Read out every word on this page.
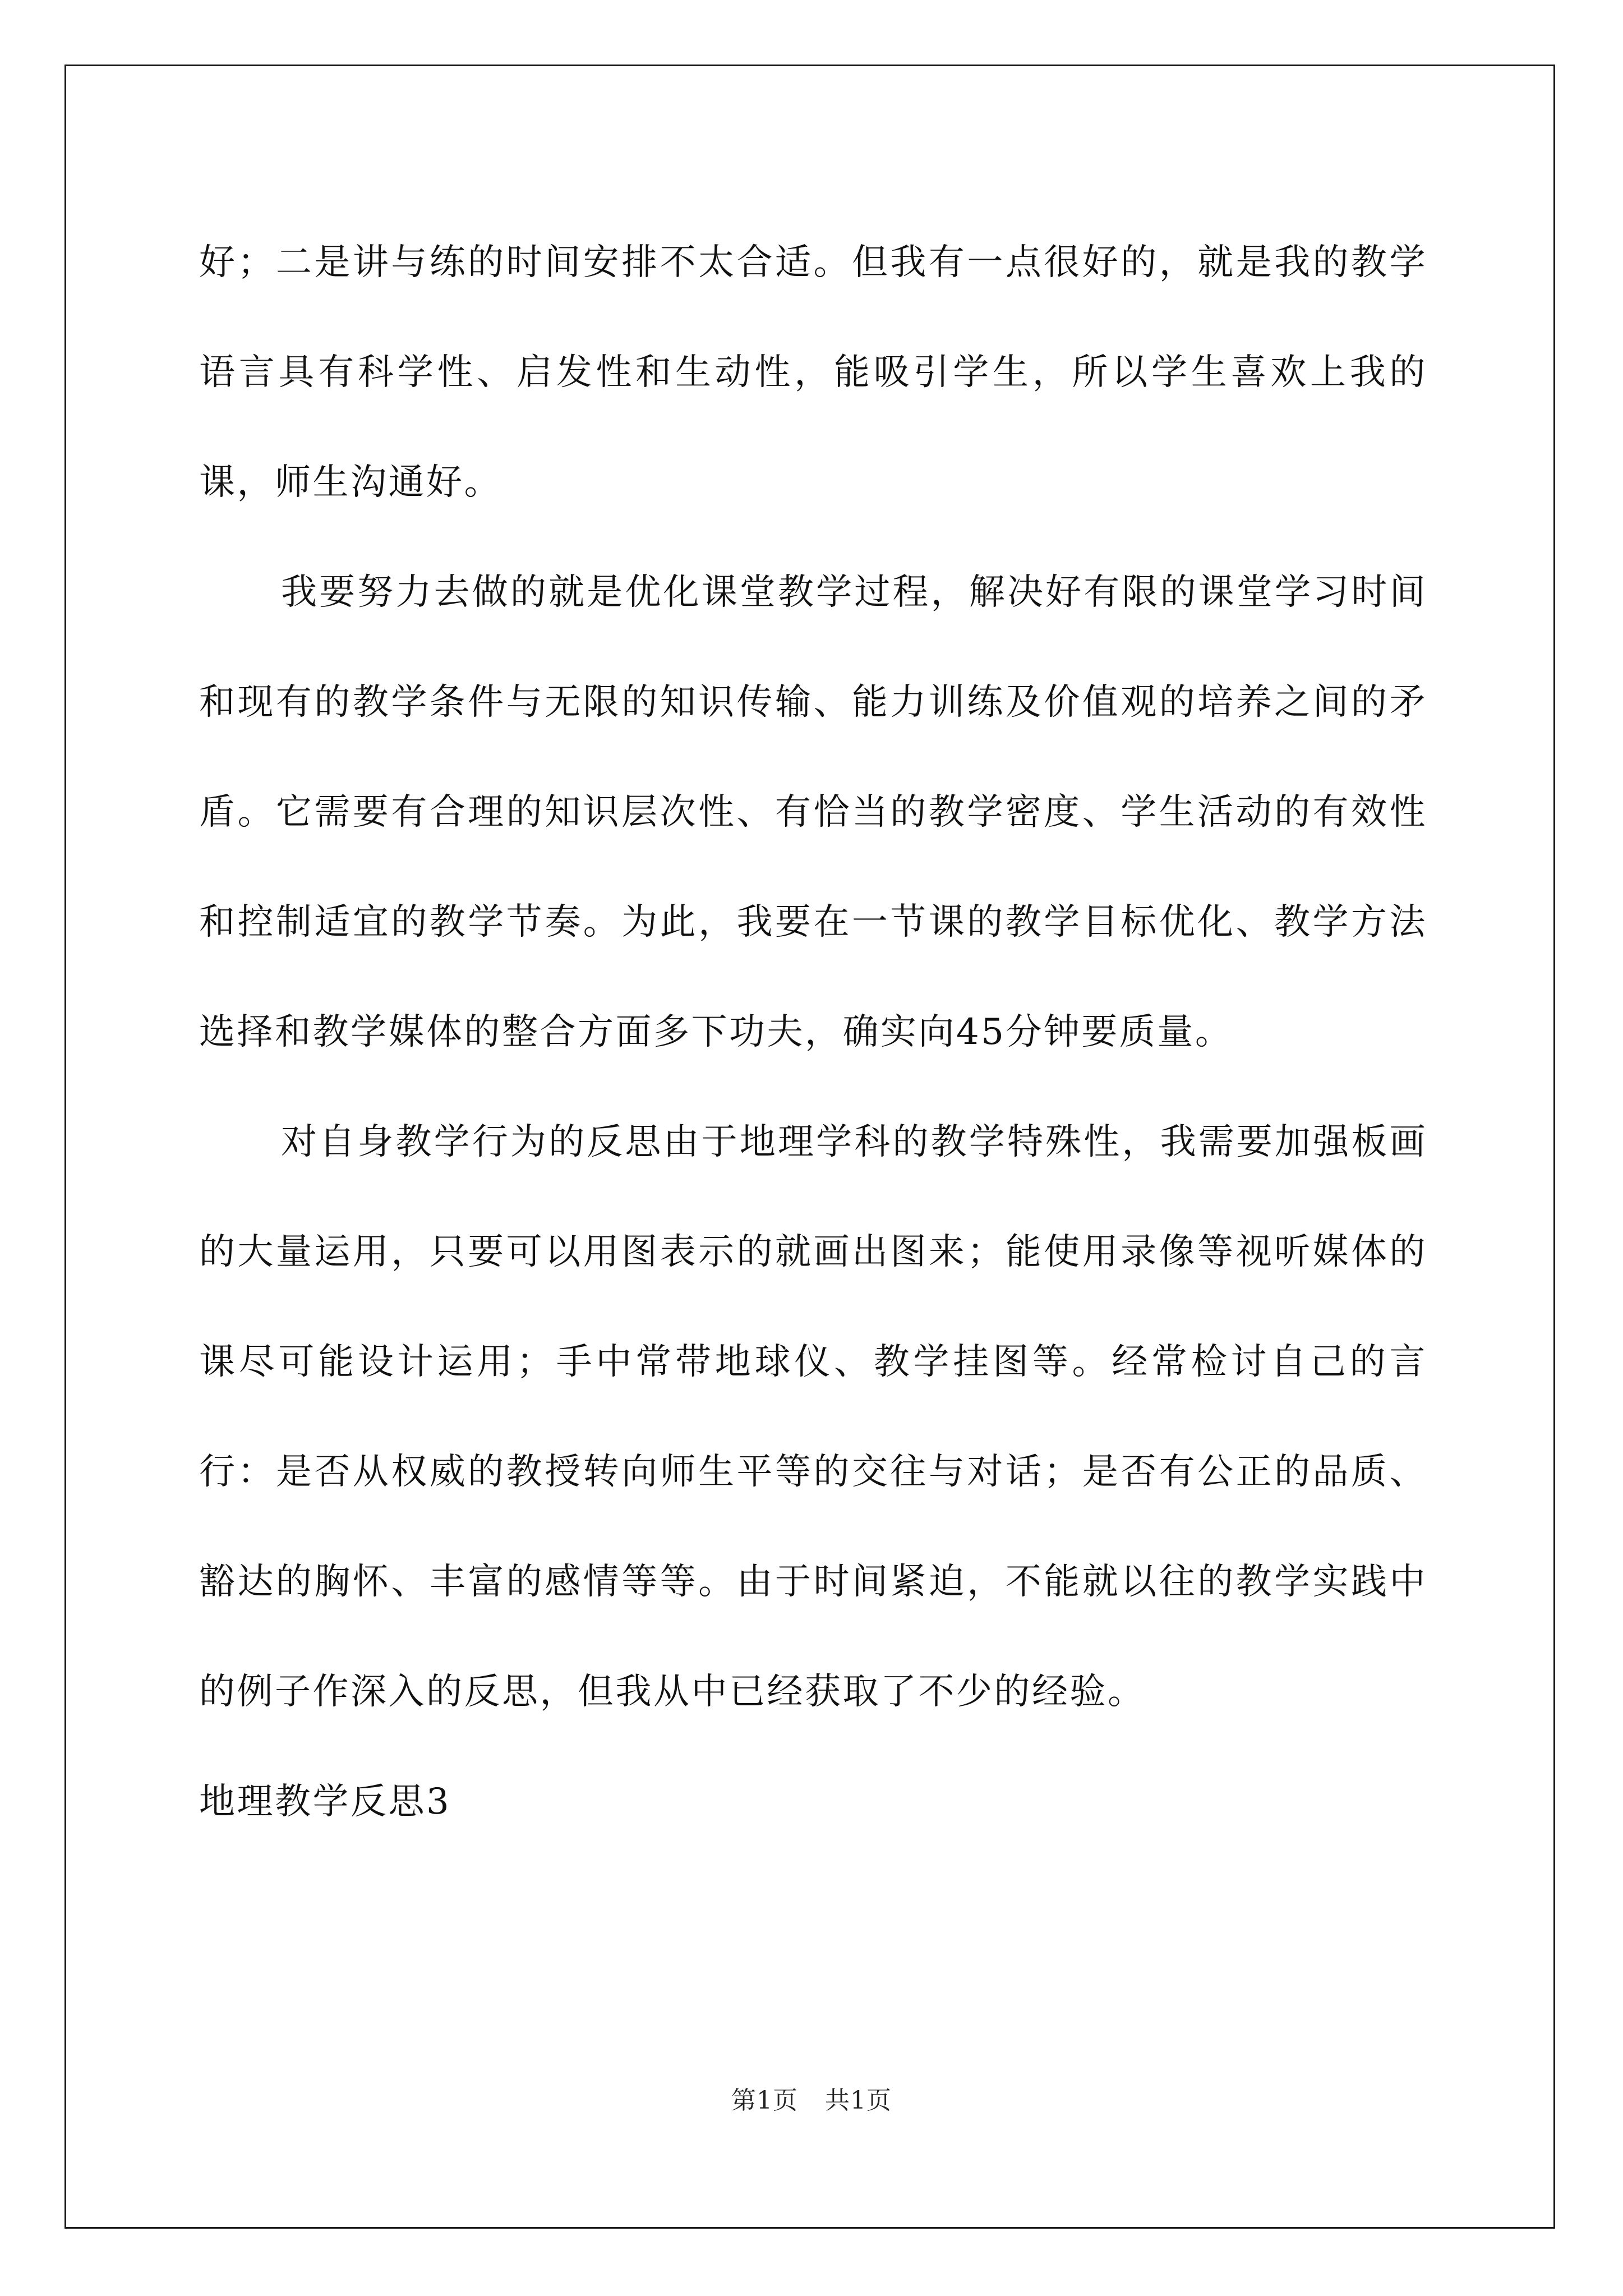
好；二是讲与练的时间安排不太合适。但我有一点很好的，就是我的教学语言具有科学性、启发性和生动性，能吸引学生，所以学生喜欢上我的课，师生沟通好。

我要努力去做的就是优化课堂教学过程，解决好有限的课堂学习时间和现有的教学条件与无限的知识传输、能力训练及价值观的培养之间的矛盾。它需要有合理的知识层次性、有恰当的教学密度、学生活动的有效性和控制适宜的教学节奏。为此，我要在一节课的教学目标优化、教学方法选择和教学媒体的整合方面多下功夫，确实向45分钟要质量。

对自身教学行为的反思由于地理学科的教学特殊性，我需要加强板画的大量运用，只要可以用图表示的就画出图来；能使用录像等视听媒体的课尽可能设计运用；手中常带地球仪、教学挂图等。经常检讨自己的言行：是否从权威的教授转向师生平等的交往与对话；是否有公正的品质、豁达的胸怀、丰富的感情等等。由于时间紧迫，不能就以往的教学实践中的例子作深入的反思，但我从中已经获取了不少的经验。

地理教学反思3

第1页 共1页
